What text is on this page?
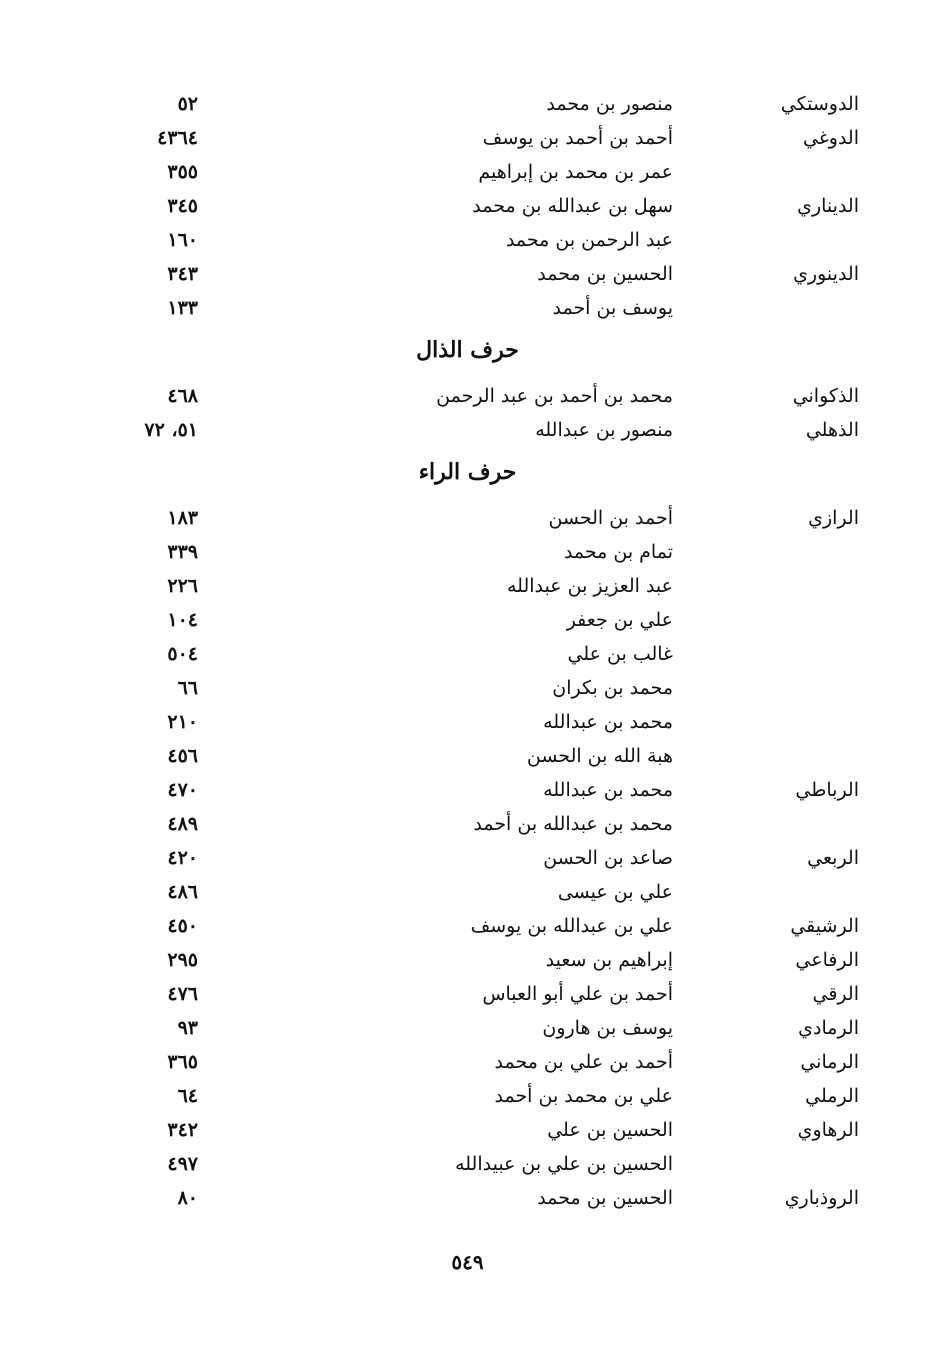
الدوستكي
منصور بن محمد
٥٢
الدوغي
أحمد بن أحمد بن يوسف
٤٣٦٤
عمر بن محمد بن إبراهيم
٣٥٥
الديناري
سهل بن عبدالله بن محمد
٣٤٥
عبد الرحمن بن محمد
١٦٠
الدينوري
الحسين بن محمد
٣٤٣
يوسف بن أحمد
١٣٣
حرف الذال
الذكواني
محمد بن أحمد بن عبد الرحمن
٤٦٨
الذهلي
منصور بن عبدالله
٥١، ٧٢
حرف الراء
الرازي
أحمد بن الحسن
١٨٣
تمام بن محمد
٣٣٩
عبد العزيز بن عبدالله
٢٢٦
علي بن جعفر
١٠٤
غالب بن علي
٥٠٤
محمد بن بكران
٦٦
محمد بن عبدالله
٢١٠
هبة الله بن الحسن
٤٥٦
الرباطي
محمد بن عبدالله
٤٧٠
محمد بن عبدالله بن أحمد
٤٨٩
الربعي
صاعد بن الحسن
٤٢٠
علي بن عيسى
٤٨٦
الرشيقي
علي بن عبدالله بن يوسف
٤٥٠
الرفاعي
إبراهيم بن سعيد
٢٩٥
الرقي
أحمد بن علي أبو العباس
٤٧٦
الرمادي
يوسف بن هارون
٩٣
الرماني
أحمد بن علي بن محمد
٣٦٥
الرملي
علي بن محمد بن أحمد
٦٤
الرهاوي
الحسين بن علي
٣٤٢
الحسين بن علي بن عبيدالله
٤٩٧
الروذباري
الحسين بن محمد
٨٠
٥٤٩
